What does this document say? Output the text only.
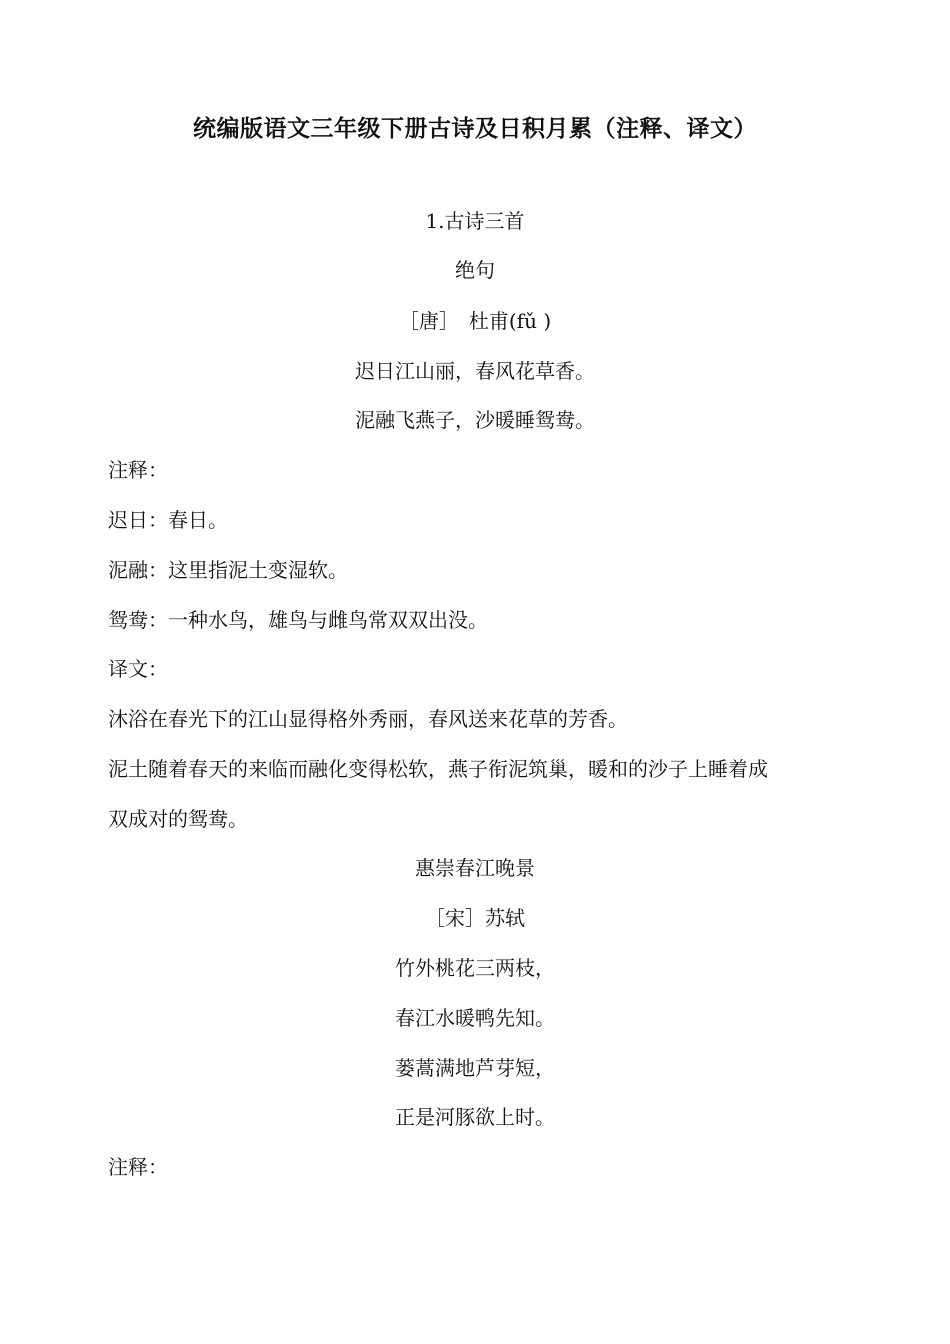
统编版语文三年级下册古诗及日积月累（注释、译文）
1.古诗三首
绝句
［唐］　杜甫(fǔ )
迟日江山丽，春风花草香。
泥融飞燕子，沙暖睡鸳鸯。
注释：
迟日：春日。
泥融：这里指泥土变湿软。
鸳鸯：一种水鸟，雄鸟与雌鸟常双双出没。
译文：
沐浴在春光下的江山显得格外秀丽，春风送来花草的芳香。
泥土随着春天的来临而融化变得松软，燕子衔泥筑巢，暖和的沙子上睡着成
双成对的鸳鸯。
惠崇春江晚景
［宋］苏轼
竹外桃花三两枝，
春江水暖鸭先知。
蒌蒿满地芦芽短，
正是河豚欲上时。
注释：
